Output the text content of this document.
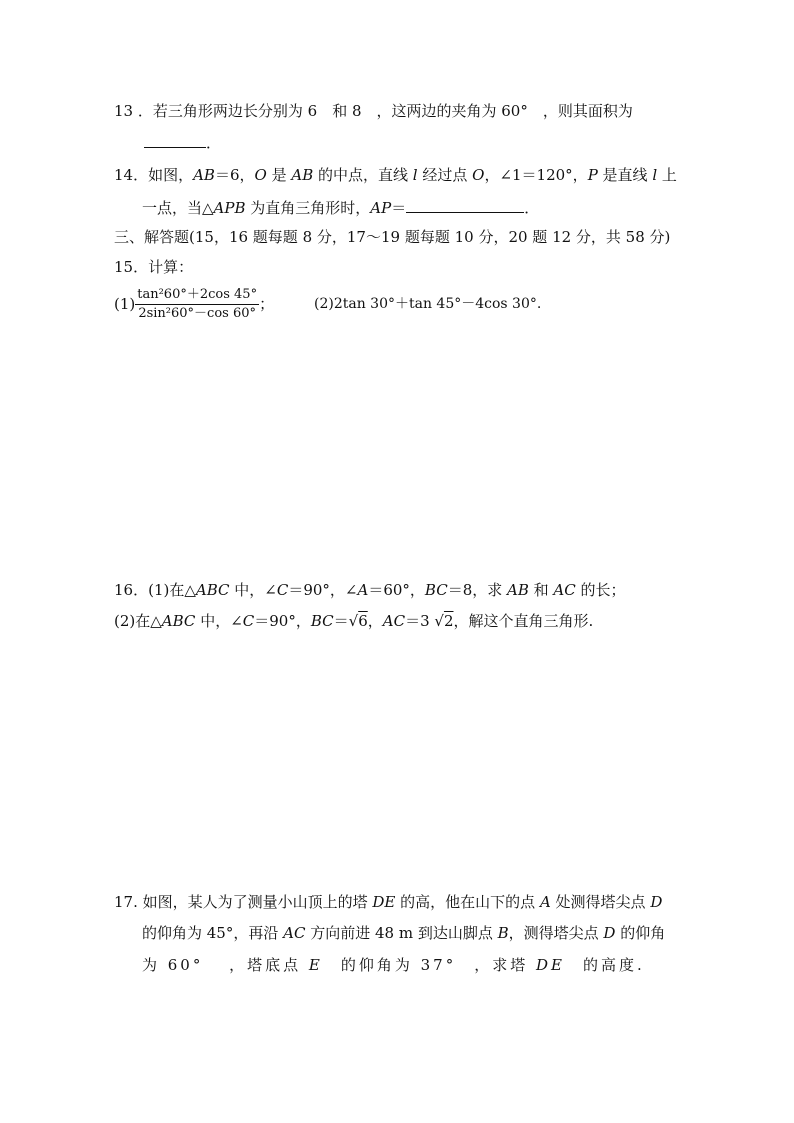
13 ．若三角形两边长分别为 6　和 8　，这两边的夹角为 60°　，则其面积为
．
14．如图，AB＝6，O 是 AB 的中点，直线 l 经过点 O，∠1＝120°，P 是直线 l 上
一点，当△APB 为直角三角形时，AP＝	．
三、解答题(15，16 题每题 8 分，17～19 题每题 10 分，20 题 12 分，共 58 分)
15．计算：
$(1) \frac{\text{tan²60°＋2cos 45°}}{\text{2sin²60°－cos 60°}}$ ；	(2)2tan 30°＋tan 45°－4cos 30°.
16．(1)在△ABC 中，∠C＝90°，∠A＝60°，BC＝8，求 AB 和 AC 的长；
(2)在△ABC 中，∠C＝90°，BC＝√6，AC＝3 √2，解这个直角三角形.
17. 如图，某人为了测量小山顶上的塔 DE 的高，他在山下的点 A 处测得塔尖点 D
的仰角为 45°，再沿 AC 方向前进 48 m 到达山脚点 B，测得塔尖点 D 的仰角
为 60°　 ，塔底点 E　的仰角为 37°　，求塔 DE　的高度.
